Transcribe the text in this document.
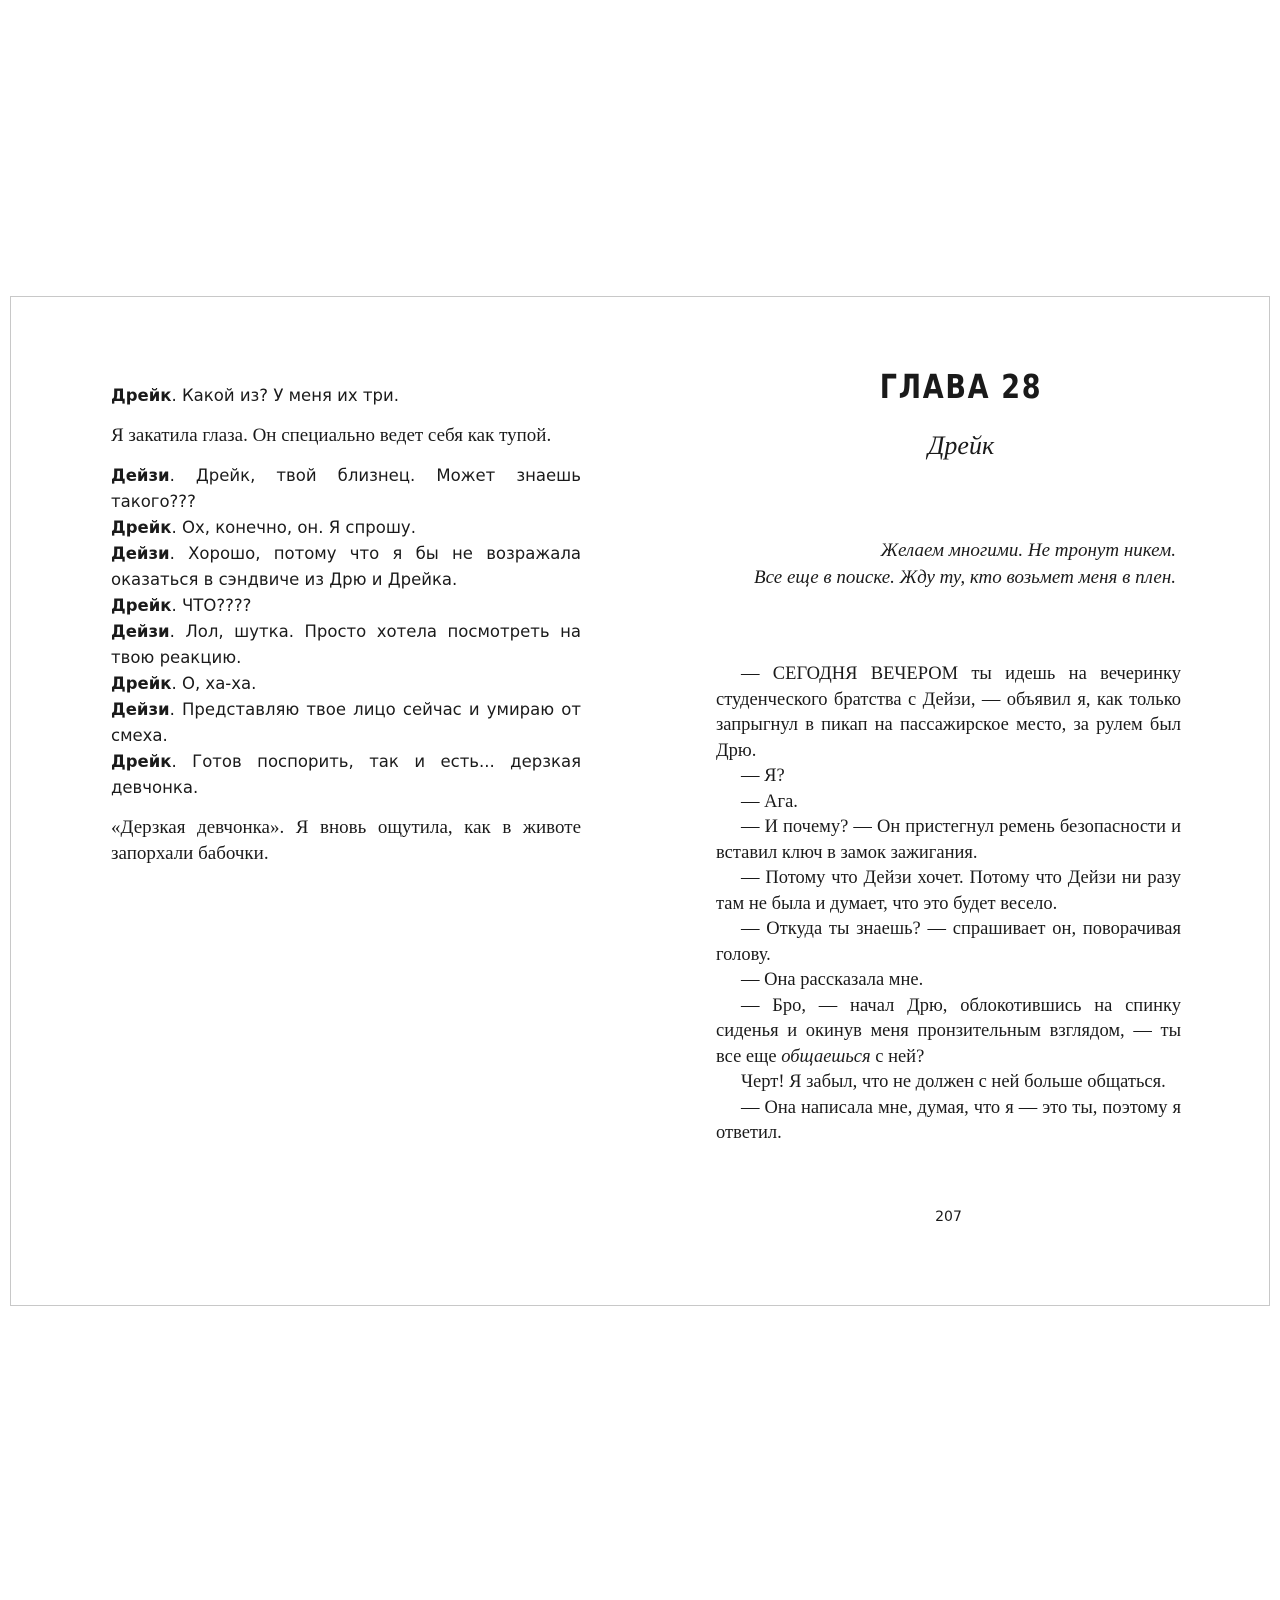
Дрейк. Какой из? У меня их три.

Я закатила глаза. Он специально ведет себя как тупой.

Дейзи. Дрейк, твой близнец. Может знаешь такого???

Дрейк. Ох, конечно, он. Я спрошу.

Дейзи. Хорошо, потому что я бы не возражала оказаться в сэндвиче из Дрю и Дрейка.

Дрейк. ЧТО????

Дейзи. Лол, шутка. Просто хотела посмотреть на твою реакцию.

Дрейк. О, ха-ха.

Дейзи. Представляю твое лицо сейчас и умираю от смеха.

Дрейк. Готов поспорить, так и есть... дерзкая девчонка.

«Дерзкая девчонка». Я вновь ощутила, как в животе запорхали бабочки.

ГЛАВА 28

Дрейк

Желаем многими. Не тронут никем.

Все еще в поиске. Жду ту, кто возьмет меня в плен.

— СЕГОДНЯ ВЕЧЕРОМ ты идешь на вечеринку студенческого братства с Дейзи, — объявил я, как только запрыгнул в пикап на пассажирское место, за рулем был Дрю.

— Я?

— Ага.

— И почему? — Он пристегнул ремень безопасности и вставил ключ в замок зажигания.

— Потому что Дейзи хочет. Потому что Дейзи ни разу там не была и думает, что это будет весело.

— Откуда ты знаешь? — спрашивает он, поворачивая голову.

— Она рассказала мне.

— Бро, — начал Дрю, облокотившись на спинку сиденья и окинув меня пронзительным взглядом, — ты все еще общаешься с ней?

Черт! Я забыл, что не должен с ней больше общаться.

— Она написала мне, думая, что я — это ты, поэтому я ответил.

207
